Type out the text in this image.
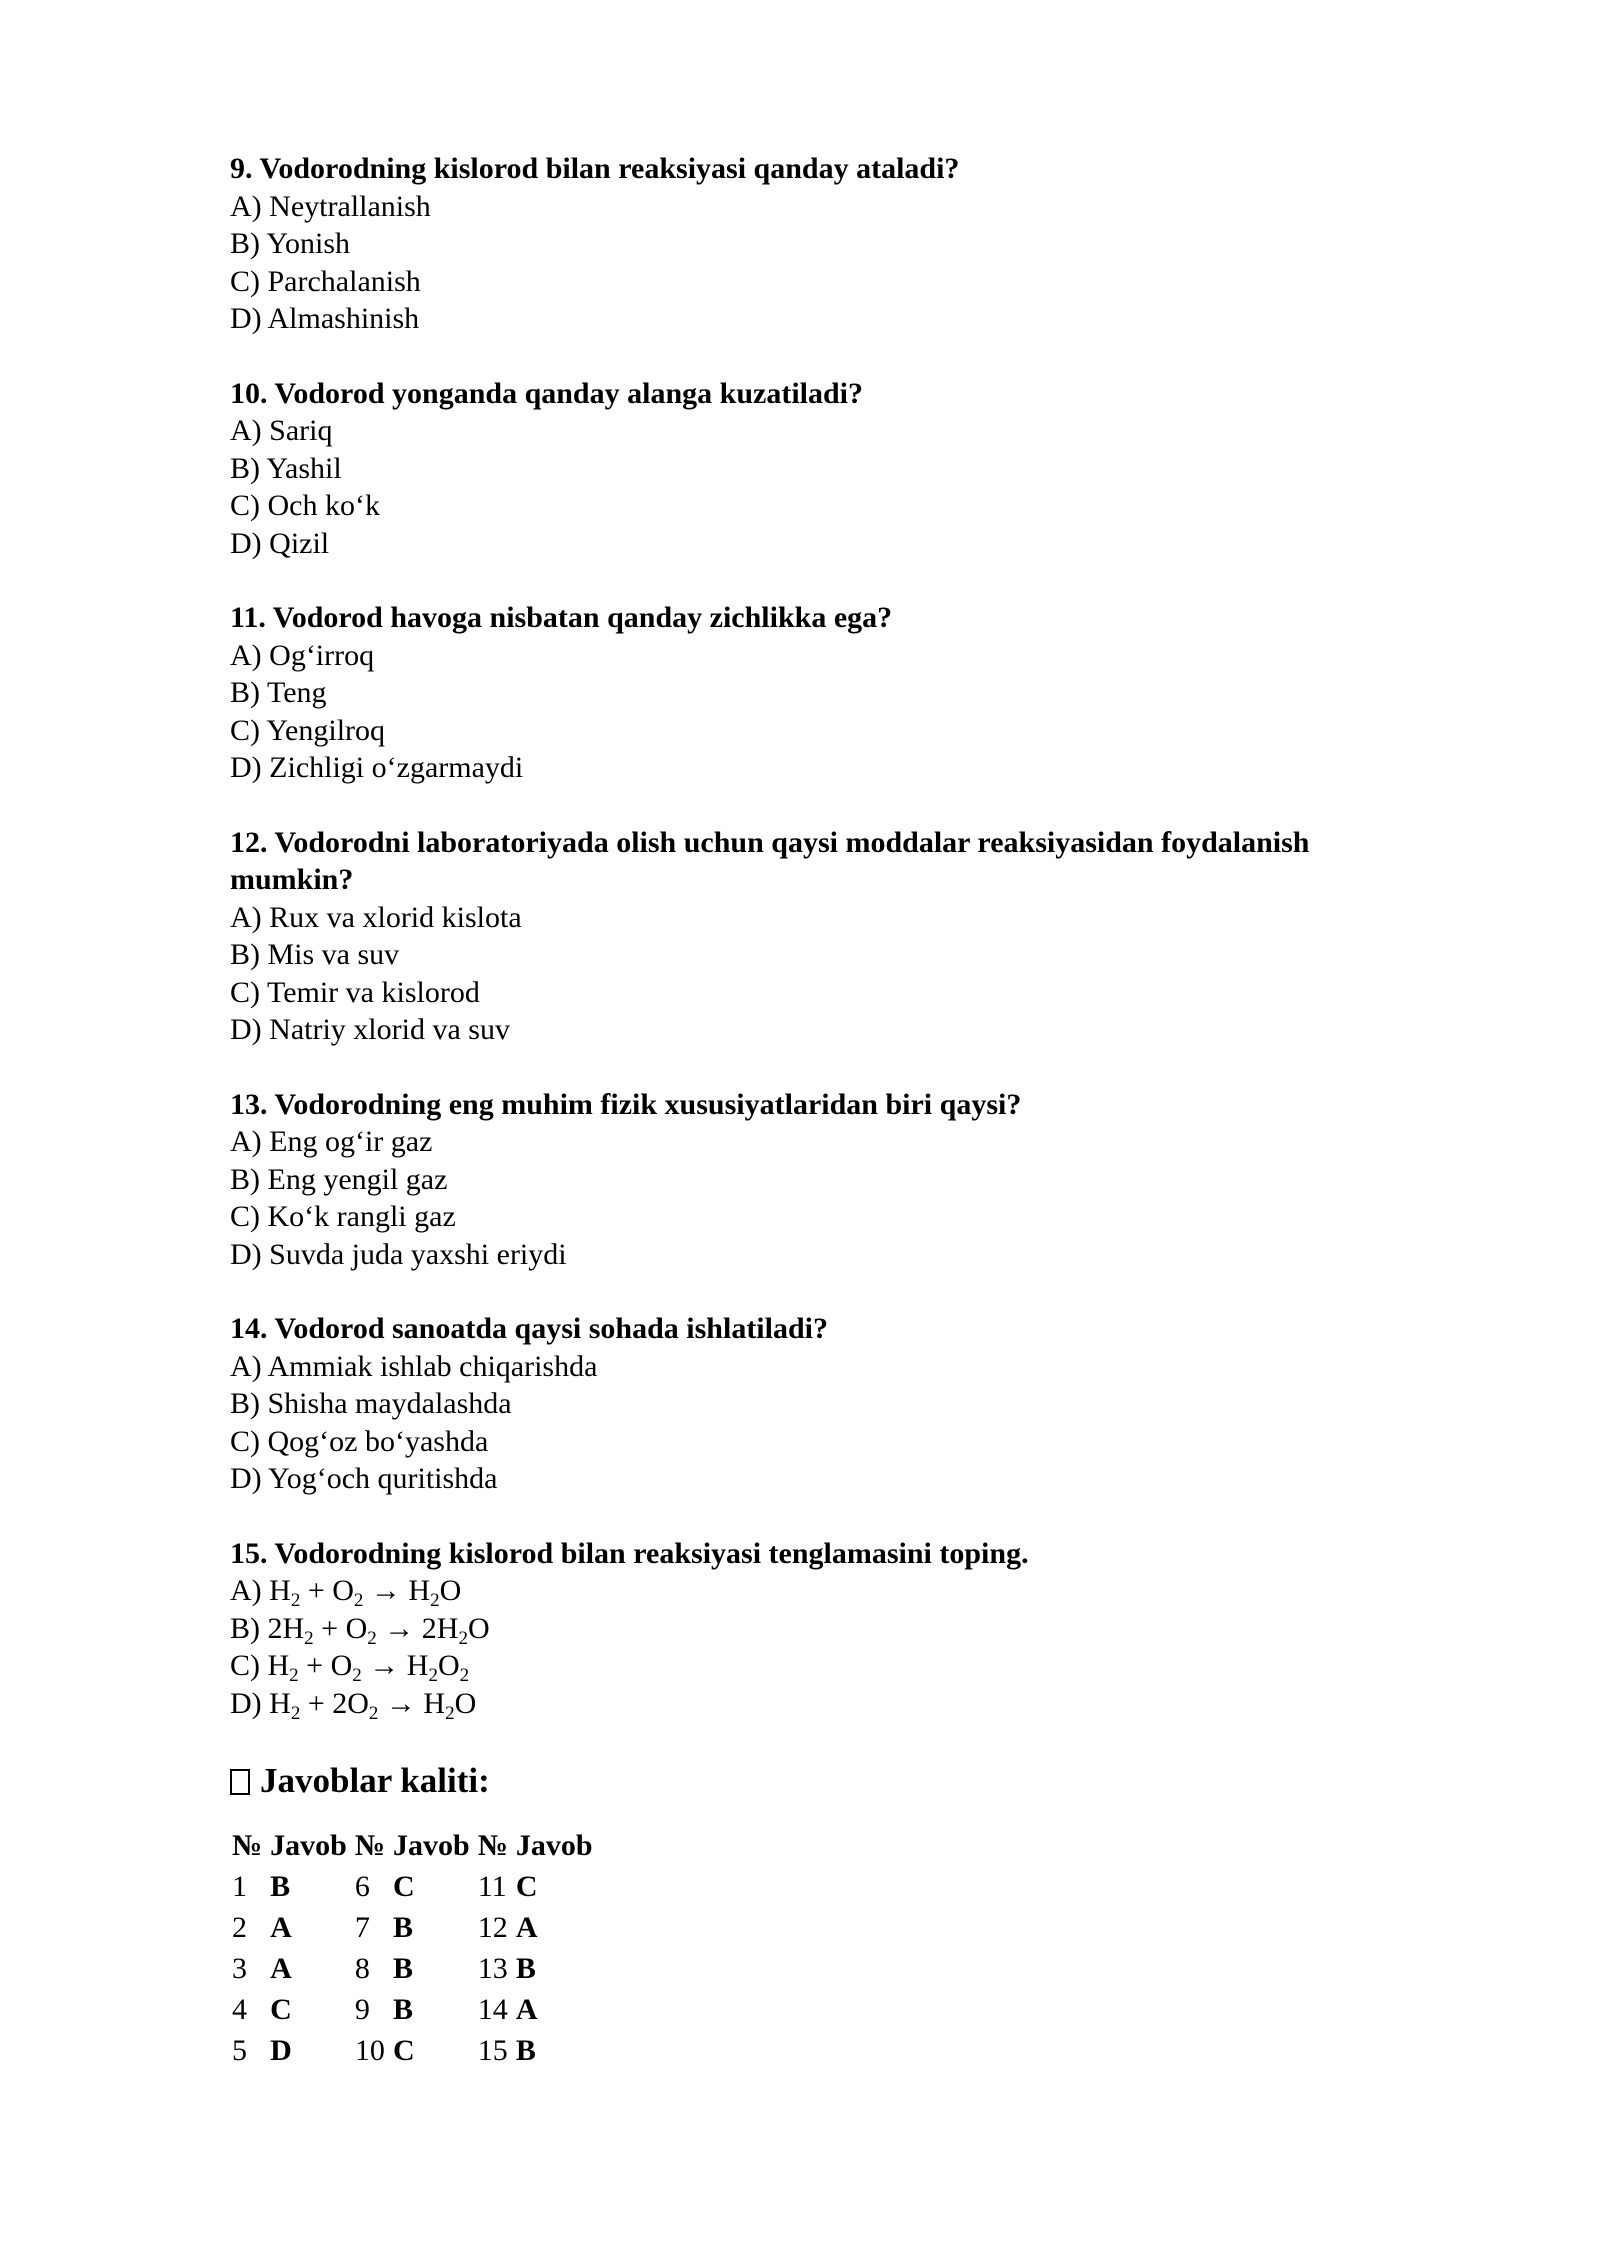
9. Vodorodning kislorod bilan reaksiyasi qanday ataladi?
A) Neytrallanish
B) Yonish
C) Parchalanish
D) Almashinish
10. Vodorod yonganda qanday alanga kuzatiladi?
A) Sariq
B) Yashil
C) Och ko‘k
D) Qizil
11. Vodorod havoga nisbatan qanday zichlikka ega?
A) Og‘irroq
B) Teng
C) Yengilroq
D) Zichligi o‘zgarmaydi
12. Vodorodni laboratoriyada olish uchun qaysi moddalar reaksiyasidan foydalanish mumkin?
A) Rux va xlorid kislota
B) Mis va suv
C) Temir va kislorod
D) Natriy xlorid va suv
13. Vodorodning eng muhim fizik xususiyatlaridan biri qaysi?
A) Eng og‘ir gaz
B) Eng yengil gaz
C) Ko‘k rangli gaz
D) Suvda juda yaxshi eriydi
14. Vodorod sanoatda qaysi sohada ishlatiladi?
A) Ammiak ishlab chiqarishda
B) Shisha maydalashda
C) Qog‘oz bo‘yashda
D) Yog‘och quritishda
15. Vodorodning kislorod bilan reaksiyasi tenglamasini toping.
A) $H_2 + O_2 \to H_2O$
B) $2H_2 + O_2 \to 2H_2O$
C) $H_2 + O_2 \to H_2O_2$
D) $H_2 + 2O_2 \to H_2O$
Javoblar kaliti:
№	Javob	№	Javob	№	Javob
1	B	6	C	11	C
2	A	7	B	12	A
3	A	8	B	13	B
4	C	9	B	14	A
5	D	10	C	15	B
